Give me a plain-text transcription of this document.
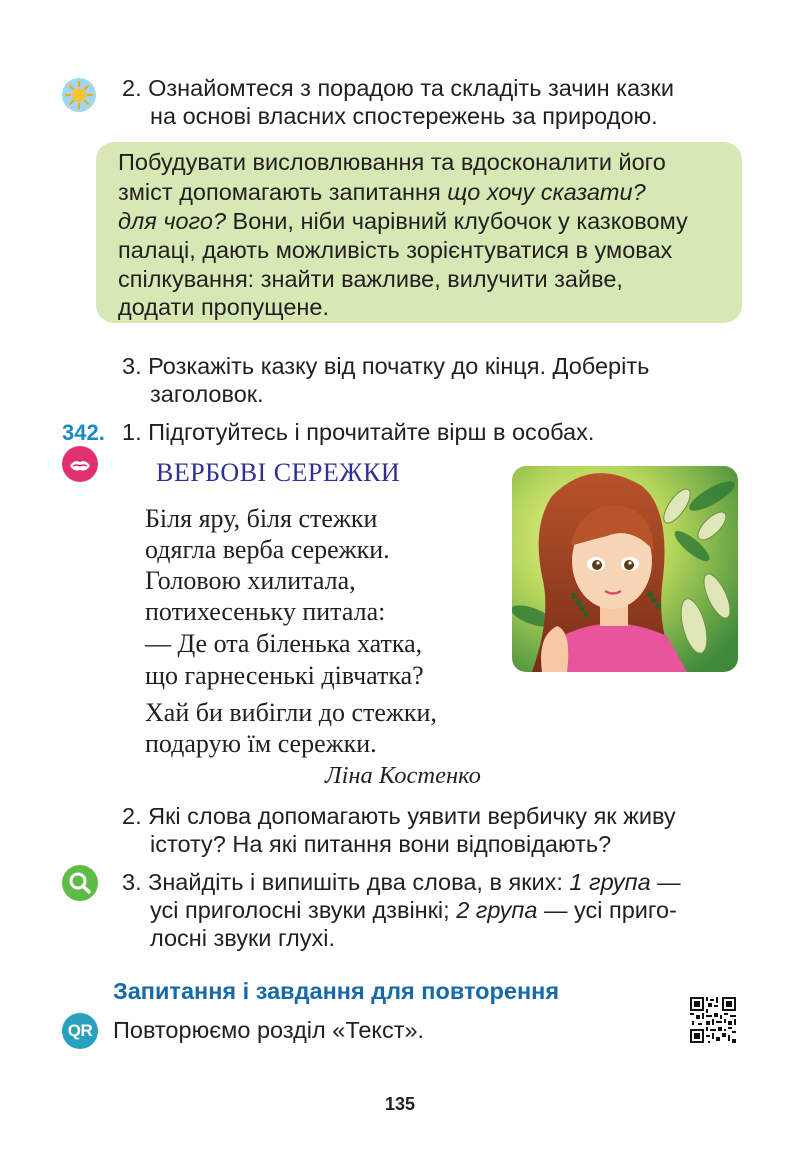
2. Ознайомтеся з порадою та складіть зачин казки
на основі власних спостережень за природою.
Побудувати висловлювання та вдосконалити його
зміст допомагають запитання що хочу сказати?
для чого? Вони, ніби чарівний клубочок у казковому
палаці, дають можливість зорієнтуватися в умовах
спілкування: знайти важливе, вилучити зайве,
додати пропущене.
3. Розкажіть казку від початку до кінця. Доберіть
заголовок.
342. 1. Підготуйтесь і прочитайте вірш в особах.
ВЕРБОВІ СЕРЕЖКИ
Біля яру, біля стежки
одягла верба сережки.
Головою хилитала,
потихесеньку питала:
— Де ота біленька хатка,
що гарнесенькі дівчатка?
Хай би вибігли до стежки,
подарую їм сережки.
Ліна Костенко
2. Які слова допомагають уявити вербичку як живу
істоту? На які питання вони відповідають?
3. Знайдіть і випишіть два слова, в яких: 1 група —
усі приголосні звуки дзвінкі; 2 група — усі приго-
лосні звуки глухі.
Запитання і завдання для повторення
QR Повторюємо розділ «Текст».
135
